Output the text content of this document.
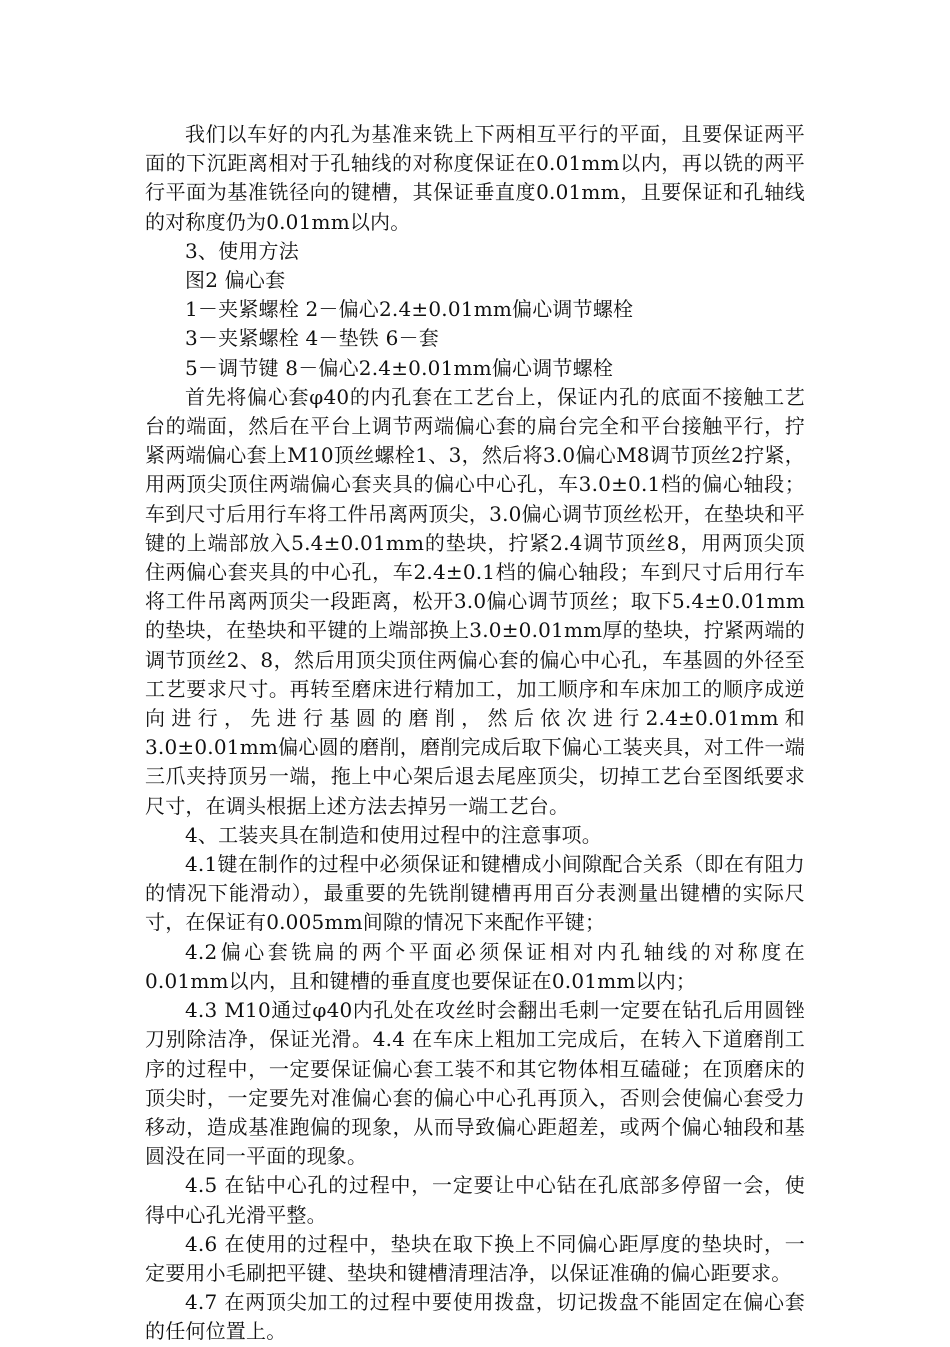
我们以车好的内孔为基准来铣上下两相互平行的平面，且要保证两平面的下沉距离相对于孔轴线的对称度保证在0.01mm以内，再以铣的两平行平面为基准铣径向的键槽，其保证垂直度0.01mm，且要保证和孔轴线的对称度仍为0.01mm以内。

3、使用方法

图2 偏心套

1－夹紧螺栓 2－偏心2.4±0.01mm偏心调节螺栓

3－夹紧螺栓 4－垫铁 6－套

5－调节键 8－偏心2.4±0.01mm偏心调节螺栓

首先将偏心套φ40的内孔套在工艺台上，保证内孔的底面不接触工艺台的端面，然后在平台上调节两端偏心套的扁台完全和平台接触平行，拧紧两端偏心套上M10顶丝螺栓1、3，然后将3.0偏心M8调节顶丝2拧紧，用两顶尖顶住两端偏心套夹具的偏心中心孔，车3.0±0.1档的偏心轴段；车到尺寸后用行车将工件吊离两顶尖，3.0偏心调节顶丝松开，在垫块和平键的上端部放入5.4±0.01mm的垫块，拧紧2.4调节顶丝8，用两顶尖顶住两偏心套夹具的中心孔，车2.4±0.1档的偏心轴段；车到尺寸后用行车将工件吊离两顶尖一段距离，松开3.0偏心调节顶丝；取下5.4±0.01mm的垫块，在垫块和平键的上端部换上3.0±0.01mm厚的垫块，拧紧两端的调节顶丝2、8，然后用顶尖顶住两偏心套的偏心中心孔，车基圆的外径至工艺要求尺寸。再转至磨床进行精加工，加工顺序和车床加工的顺序成逆向进行，先进行基圆的磨削，然后依次进行2.4±0.01mm和3.0±0.01mm偏心圆的磨削，磨削完成后取下偏心工装夹具，对工件一端三爪夹持顶另一端，拖上中心架后退去尾座顶尖，切掉工艺台至图纸要求尺寸，在调头根据上述方法去掉另一端工艺台。

4、工装夹具在制造和使用过程中的注意事项。

4.1键在制作的过程中必须保证和键槽成小间隙配合关系（即在有阻力的情况下能滑动），最重要的先铣削键槽再用百分表测量出键槽的实际尺寸，在保证有0.005mm间隙的情况下来配作平键；

4.2偏心套铣扁的两个平面必须保证相对内孔轴线的对称度在0.01mm以内，且和键槽的垂直度也要保证在0.01mm以内；

4.3 M10通过φ40内孔处在攻丝时会翻出毛刺一定要在钻孔后用圆锉刀别除洁净，保证光滑。4.4 在车床上粗加工完成后，在转入下道磨削工序的过程中，一定要保证偏心套工装不和其它物体相互磕碰；在顶磨床的顶尖时，一定要先对准偏心套的偏心中心孔再顶入，否则会使偏心套受力移动，造成基准跑偏的现象，从而导致偏心距超差，或两个偏心轴段和基圆没在同一平面的现象。

4.5 在钻中心孔的过程中，一定要让中心钻在孔底部多停留一会，使得中心孔光滑平整。

4.6 在使用的过程中，垫块在取下换上不同偏心距厚度的垫块时，一定要用小毛刷把平键、垫块和键槽清理洁净，以保证准确的偏心距要求。

4.7 在两顶尖加工的过程中要使用拨盘，切记拨盘不能固定在偏心套的任何位置上。
